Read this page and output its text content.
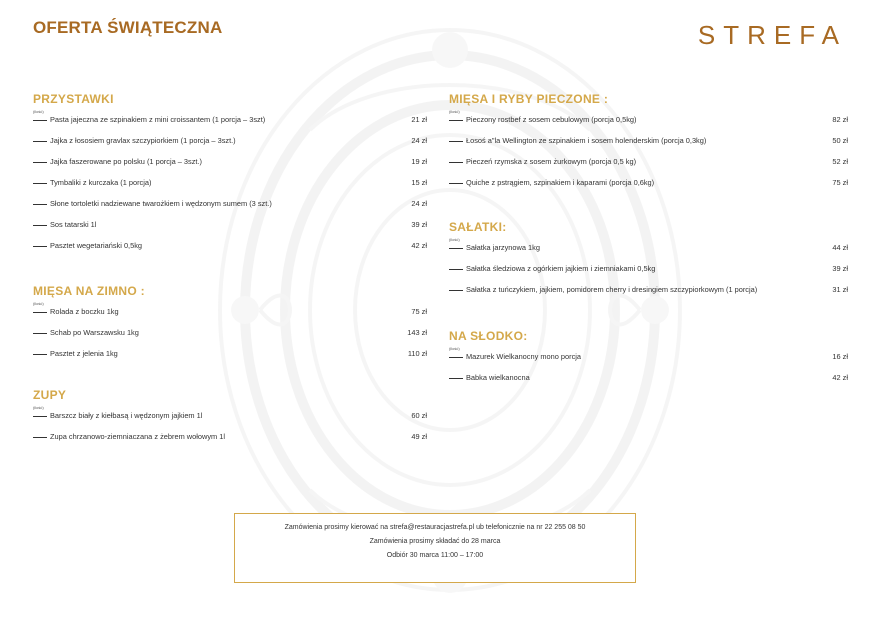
OFERTA ŚWIĄTECZNA	STREFA
PRZYSTAWKI
(ilość)
Pasta jajeczna ze szpinakiem z mini croissantem (1 porcja – 3szt)	21 zł
Jajka z łososiem gravlax szczypiorkiem (1 porcja – 3szt.)	24 zł
Jajka faszerowane po polsku (1 porcja – 3szt.)	19 zł
Tymbaliki z kurczaka (1 porcja)	15 zł
Słone tortoletki nadziewane twarożkiem i wędzonym sumem (3 szt.)	24 zł
Sos tatarski 1l	39 zł
Pasztet wegetariański 0,5kg	42 zł
MIĘSA NA ZIMNO :
(ilość)
Rolada z boczku 1kg	75 zł
Schab po Warszawsku 1kg	143 zł
Pasztet z jelenia 1kg	110 zł
ZUPY
(ilość)
Barszcz biały z kiełbasą i wędzonym jajkiem 1l	60 zł
Zupa chrzanowo-ziemniaczana z żebrem wołowym 1l	49 zł
MIĘSA I RYBY PIECZONE :
(ilość)
Pieczony rostbef z sosem cebulowym (porcja 0,5kg)	82 zł
Łosoś a"la Wellington ze szpinakiem i sosem holenderskim (porcja 0,3kg)	50 zł
Pieczeń rzymska z sosem żurkowym (porcja 0,5 kg)	52 zł
Quiche z pstrągiem, szpinakiem i kaparami (porcja 0,6kg)	75 zł
SAŁATKI:
(ilość)
Sałatka jarzynowa 1kg	44 zł
Sałatka śledziowa z ogórkiem jajkiem i ziemniakami 0,5kg	39 zł
Sałatka z tuńczykiem, jajkiem, pomidorem cherry i dresingiem szczypiorkowym (1 porcja)	31 zł
NA SŁODKO:
(ilość)
Mazurek Wielkanocny mono porcja	16 zł
Babka wielkanocna	42 zł
Zamówienia prosimy kierować na strefa@restauracjastrefa.pl ub telefonicznie na nr 22 255 08 50
Zamówienia prosimy składać do 28 marca
Odbiór 30 marca 11:00 – 17:00
